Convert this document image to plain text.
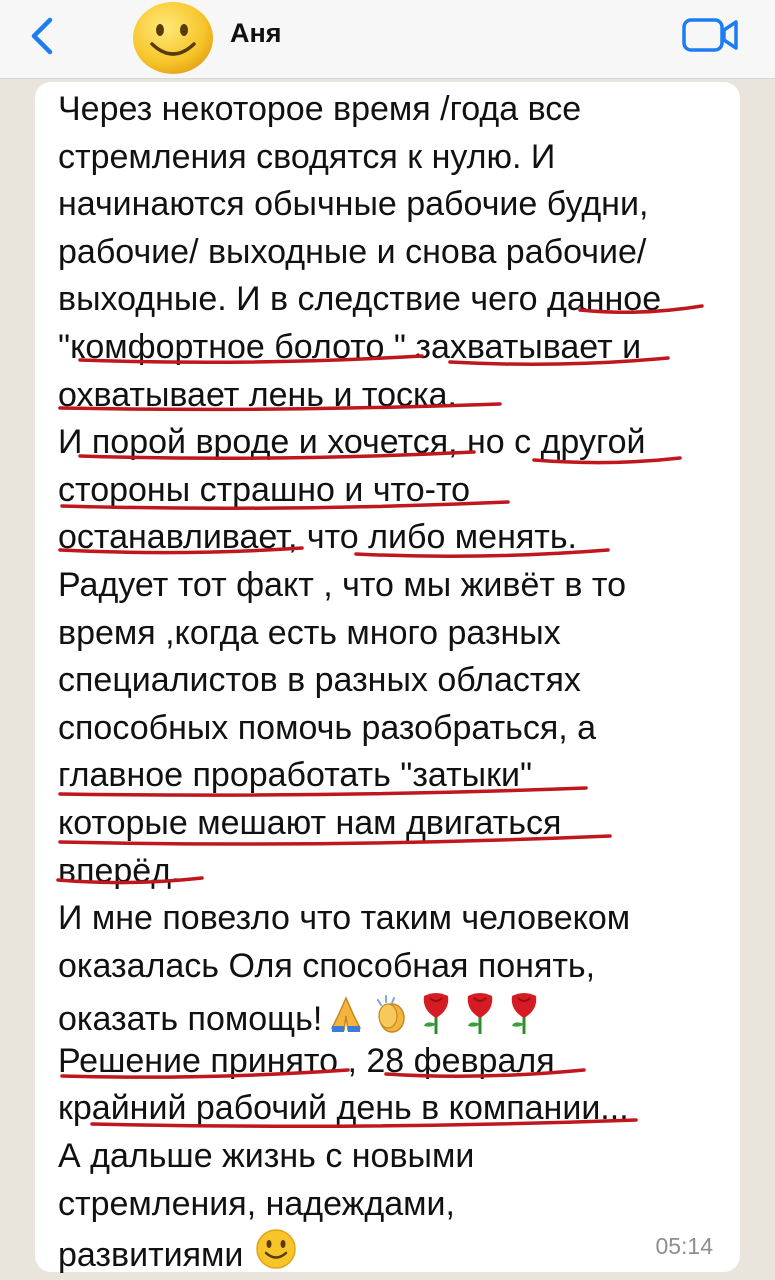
Аня
Через некоторое время /года все
стремления сводятся к нулю. И
начинаются обычные рабочие будни,
рабочие/ выходные и снова рабочие/
выходные. И в следствие чего данное
"комфортное болото " захватывает и
охватывает лень и тоска.
И порой вроде и хочется, но с другой
стороны страшно и что-то
останавливает, что либо менять.
Радует тот факт , что мы живёт в то
время ,когда есть много разных
специалистов в разных областях
способных помочь разобраться, а
главное проработать "затыки"
которые мешают нам двигаться
вперёд.
И мне повезло что таким человеком
оказалась Оля способная понять,
оказать помощь!
Решение принято , 28 февраля
крайний рабочий день в компании...
А дальше жизнь с новыми
стремления, надеждами,
развитиями	05:14
